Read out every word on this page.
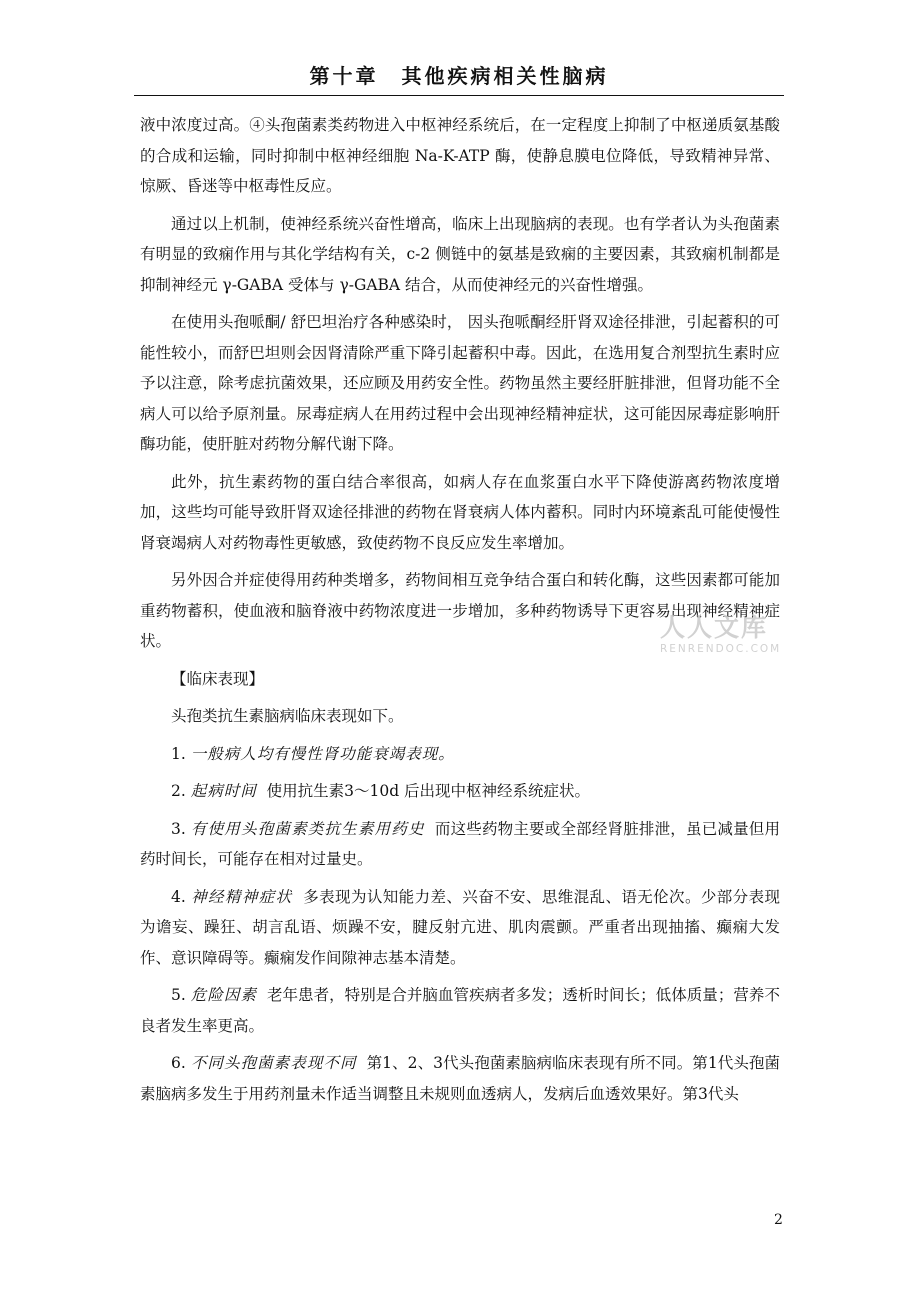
第十章　其他疾病相关性脑病

液中浓度过高。④头孢菌素类药物进入中枢神经系统后，在一定程度上抑制了中枢递质氨基酸的合成和运输，同时抑制中枢神经细胞 Na-K-ATP 酶，使静息膜电位降低，导致精神异常、惊厥、昏迷等中枢毒性反应。

通过以上机制，使神经系统兴奋性增高，临床上出现脑病的表现。也有学者认为头孢菌素有明显的致痫作用与其化学结构有关，c-2 侧链中的氨基是致痫的主要因素，其致痫机制都是抑制神经元 γ-GABA 受体与 γ-GABA 结合，从而使神经元的兴奋性增强。

在使用头孢哌酮/ 舒巴坦治疗各种感染时， 因头孢哌酮经肝肾双途径排泄，引起蓄积的可能性较小，而舒巴坦则会因肾清除严重下降引起蓄积中毒。因此，在选用复合剂型抗生素时应予以注意，除考虑抗菌效果，还应顾及用药安全性。药物虽然主要经肝脏排泄，但肾功能不全病人可以给予原剂量。尿毒症病人在用药过程中会出现神经精神症状，这可能因尿毒症影响肝酶功能，使肝脏对药物分解代谢下降。

此外，抗生素药物的蛋白结合率很高，如病人存在血浆蛋白水平下降使游离药物浓度增加，这些均可能导致肝肾双途径排泄的药物在肾衰病人体内蓄积。同时内环境紊乱可能使慢性肾衰竭病人对药物毒性更敏感，致使药物不良反应发生率增加。

另外因合并症使得用药种类增多，药物间相互竞争结合蛋白和转化酶，这些因素都可能加重药物蓄积，使血液和脑脊液中药物浓度进一步增加，多种药物诱导下更容易出现神经精神症状。

【临床表现】

头孢类抗生素脑病临床表现如下。

1. 一般病人均有慢性肾功能衰竭表现。

2. 起病时间 使用抗生素3～10d 后出现中枢神经系统症状。

3. 有使用头孢菌素类抗生素用药史 而这些药物主要或全部经肾脏排泄，虽已减量但用药时间长，可能存在相对过量史。

4. 神经精神症状 多表现为认知能力差、兴奋不安、思维混乱、语无伦次。少部分表现为谵妄、躁狂、胡言乱语、烦躁不安，腱反射亢进、肌肉震颤。严重者出现抽搐、癫痫大发作、意识障碍等。癫痫发作间隙神志基本清楚。

5. 危险因素 老年患者，特别是合并脑血管疾病者多发；透析时间长；低体质量；营养不良者发生率更高。

6. 不同头孢菌素表现不同 第1、2、3代头孢菌素脑病临床表现有所不同。第1代头孢菌素脑病多发生于用药剂量未作适当调整且未规则血透病人，发病后血透效果好。第3代头

人人文库
RENRENDOC.COM
2
